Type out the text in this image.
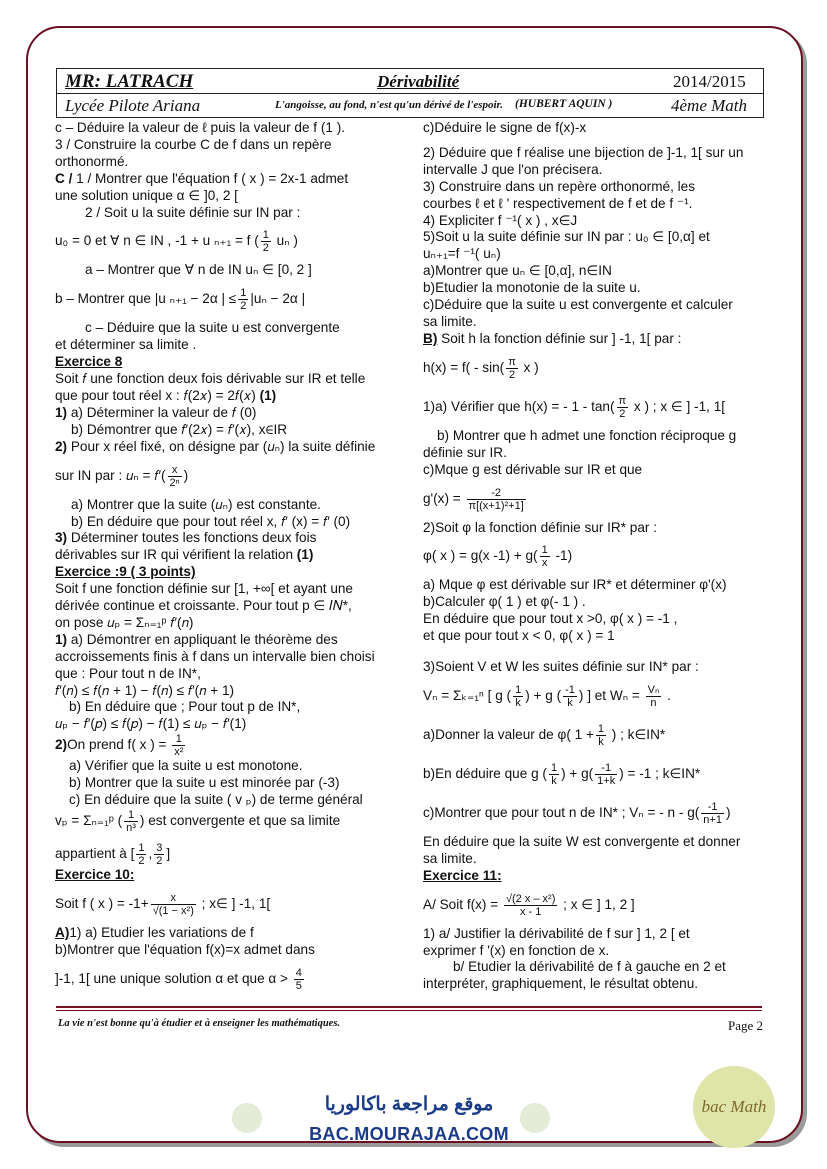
MR: LATRACH	Dérivabilité	2014/2015
Lycée Pilote Ariana	L'angoisse, au fond, n'est qu'un dérivé de l'espoir. (HUBERT AQUIN )	4ème Math

c – Déduire la valeur de ℓ puis la valeur de f (1 ).

3 / Construire la courbe C de f dans un repère

orthonormé.

C / 1 / Montrer que l'équation f ( x ) = 2x-1 admet

une solution unique α ∈ ]0, 2 [

2 / Soit u la suite définie sur IN par :

u₀ = 0 et ∀ n ∈ IN , -1 + u ₙ₊₁ = f ( $\frac{1}{2}$ uₙ )

a – Montrer que ∀ n de IN uₙ ∈ [0, 2 ]

b – Montrer que |u ₙ₊₁ − 2α | ≤ $\frac{1}{2} |u_n - 2\alpha$ |

c – Déduire que la suite u est convergente

et déterminer sa limite .

Exercice 8

Soit 𝑓 une fonction deux fois dérivable sur IR et telle

que pour tout réel x : 𝑓(2𝑥) = 2𝑓(𝑥) (1)

1) a) Déterminer la valeur de 𝑓 (0)

b) Démontrer que 𝑓′(2𝑥) = 𝑓′(𝑥), x∈IR

2) Pour x réel fixé, on désigne par (𝑢ₙ) la suite définie

sur IN par : 𝑢ₙ = 𝑓′( $\frac{x}{\text{2ⁿ}}$ )

a) Montrer que la suite (𝑢ₙ) est constante.

b) En déduire que pour tout réel x, 𝑓′ (x) = 𝑓′ (0)

3) Déterminer toutes les fonctions deux fois

dérivables sur IR qui vérifient la relation (1)

Exercice :9 ( 3 points)

Soit f une fonction définie sur [1, +∞[ et ayant une

dérivée continue et croissante. Pour tout p ∈ 𝐼𝑁*,

on pose 𝑢ₚ = Σₙ₌₁ᵖ 𝑓′(𝑛)

1) a) Démontrer en appliquant le théorème des

accroissements finis à f dans un intervalle bien choisi

que : Pour tout n de IN*,

𝑓′(𝑛) ≤ 𝑓(𝑛 + 1) − 𝑓(𝑛) ≤ 𝑓′(𝑛 + 1)

b) En déduire que ; Pour tout p de IN*,

𝑢ₚ − 𝑓′(𝑝) ≤ 𝑓(𝑝) − 𝑓(1) ≤ 𝑢ₚ − 𝑓′(1)

2)On prend f( x ) = $\frac{1}{\text{x²}}$

a) Vérifier que la suite u est monotone.

b) Montrer que la suite u est minorée par (-3)

c) En déduire que la suite ( v ₚ) de terme général

vₚ = Σₙ₌₁ᵖ ( $\frac{1}{\text{n³}}$ ) est convergente et que sa limite

appartient à [ $\frac{1}{2}$ , $\frac{3}{2}$ ]

Exercice 10:

Soit f ( x ) = $-1+ \frac{x}{\text{√(1 − x²)}}$ ; x∈ ] -1, 1[

A)1) a) Etudier les variations de f

b)Montrer que l'équation f(x)=x admet dans

]-1, 1[ une unique solution α et que $\alpha > \frac{4}{5}$

c)Déduire le signe de f(x)-x

2) Déduire que f réalise une bijection de ]-1, 1[ sur un

intervalle J que l'on précisera.

3) Construire dans un repère orthonormé, les

courbes ℓ et ℓ ' respectivement de f et de f ⁻¹.

4) Expliciter f ⁻¹( x ) , x∈J

5)Soit u la suite définie sur IN par : u₀ ∈ [0,α] et

uₙ₊₁=f ⁻¹( uₙ)

a)Montrer que uₙ ∈ [0,α], n∈IN

b)Etudier la monotonie de la suite u.

c)Déduire que la suite u est convergente et calculer

sa limite.

B) Soit h la fonction définie sur ] -1, 1[ par :

$h(x) = f( - \sin( \frac{\pi}{2}$ x )

1)a) Vérifier que h(x) = - $1 - \tan( \frac{\pi}{2}$ x ) ; x ∈ ] -1, 1[

b) Montrer que h admet une fonction réciproque g

définie sur IR.

c)Mque g est dérivable sur IR et que

$g'(x) = \frac{-2}{\text{π[(x+1)²+1]}}$

2)Soit φ la fonction définie sur IR* par :

φ( x ) = g(x $-1) + g( \frac{1}{x} -1)$

a) Mque φ est dérivable sur IR* et déterminer φ'(x)

b)Calculer φ( 1 ) et φ(- 1 ) .

En déduire que pour tout x >0, φ( x ) = -1 ,

et que pour tout x < 0, φ( x ) = 1

3)Soient V et W les suites définie sur IN* par :

Vₙ = Σₖ₌₁ⁿ [ g ( $\frac{1}{k}$ ) + g ( $\frac{-1}{k}$ ) ] et $W_n = \frac{\text{Vₙ}}{n}$ .

a)Donner la valeur de φ( $1 + \frac{1}{k}$ ) ; k∈IN*

b)En déduire que g ( $\frac{1}{k}$ ) + $g( \frac{-1}{1+k}$ ) = -1 ; k∈IN*

c)Montrer que pour tout n de IN* ; Vₙ = - n - $g( \frac{-1}{n+1}$ )

En déduire que la suite W est convergente et donner

sa limite.

Exercice 11:

A/ Soit $f(x) = \frac{\text{√(2 x – x²)}}{x - 1}$ ; x ∈ ] 1, 2 ]

1) a/ Justifier la dérivabilité de f sur ] 1, 2 [ et

exprimer f '(x) en fonction de x.

b/ Etudier la dérivabilité de f à gauche en 2 et

interpréter, graphiquement, le résultat obtenu.

La vie n'est bonne qu'à étudier et à enseigner les mathématiques.	Page 2
موقع مراجعة باكالوريا
BAC.MOURAJAA.COM
bac Math
